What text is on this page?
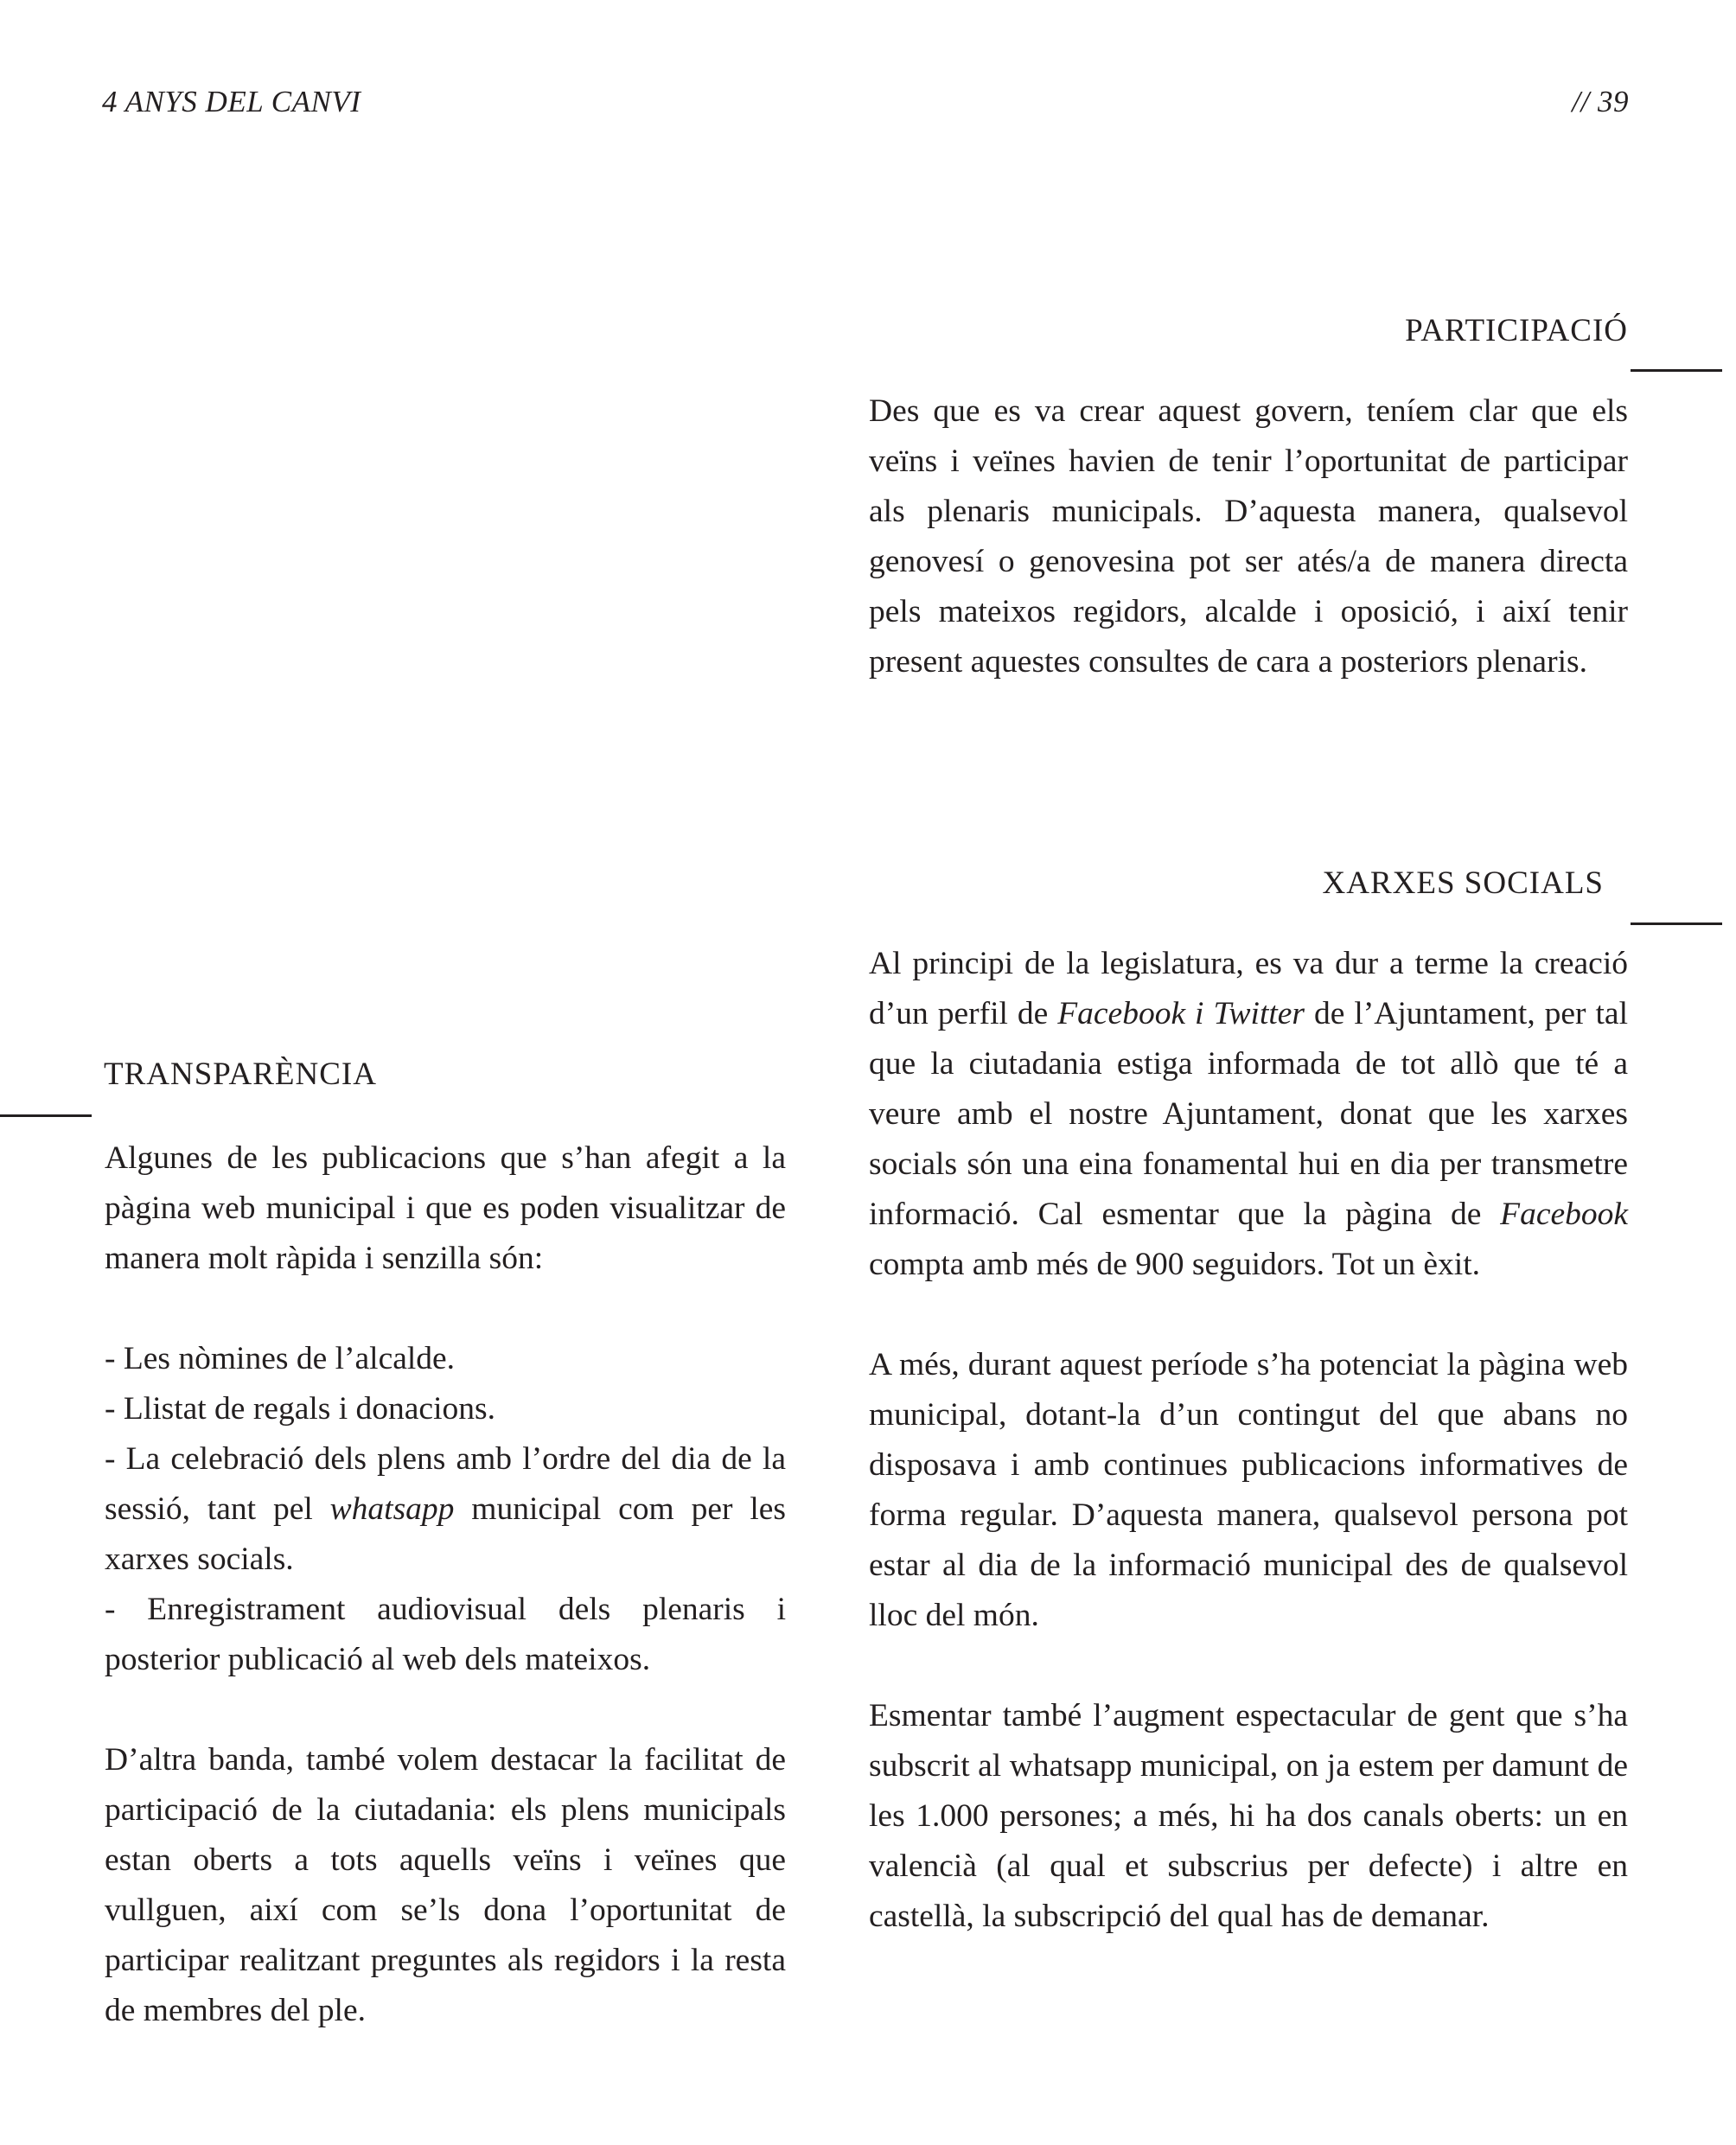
4 ANYS DEL CANVI	// 39
PARTICIPACIÓ

Des que es va crear aquest govern, teníem clar que els veïns i veïnes havien de tenir l’oportunitat de participar als plenaris municipals. D’aquesta manera, qualsevol genovesí o genovesina pot ser atés/a de manera directa pels mateixos regidors, alcalde i oposició, i així tenir present aquestes consultes de cara a posteriors plenaris.

XARXES SOCIALS

Al principi de la legislatura, es va dur a terme la creació d’un perfil de Facebook i Twitter de l’Ajuntament, per tal que la ciutadania estiga informada de tot allò que té a veure amb el nostre Ajuntament, donat que les xarxes socials són una eina fonamental hui en dia per transmetre informació. Cal esmentar que la pàgina de Facebook compta amb més de 900 seguidors. Tot un èxit.

A més, durant aquest període s’ha potenciat la pàgina web municipal, dotant-la d’un contingut del que abans no disposava i amb continues publicacions informatives de forma regular. D’aquesta manera, qualsevol persona pot estar al dia de la informació municipal des de qualsevol lloc del món.

Esmentar també l’augment espectacular de gent que s’ha subscrit al whatsapp municipal, on ja estem per damunt de les 1.000 persones; a més, hi ha dos canals oberts: un en valencià (al qual et subscrius per defecte) i altre en castellà, la subscripció del qual has de demanar.

TRANSPARÈNCIA

Algunes de les publicacions que s’han afegit a la pàgina web municipal i que es poden visualitzar de manera molt ràpida i senzilla són:

- Les nòmines de l’alcalde.

- Llistat de regals i donacions.

- La celebració dels plens amb l’ordre del dia de la sessió, tant pel whatsapp municipal com per les xarxes socials.

- Enregistrament audiovisual dels plenaris i posterior publicació al web dels mateixos.

D’altra banda, també volem destacar la facilitat de participació de la ciutadania: els plens municipals estan oberts a tots aquells veïns i veïnes que vullguen, així com se’ls dona l’oportunitat de participar realitzant preguntes als regidors i la resta de membres del ple.
